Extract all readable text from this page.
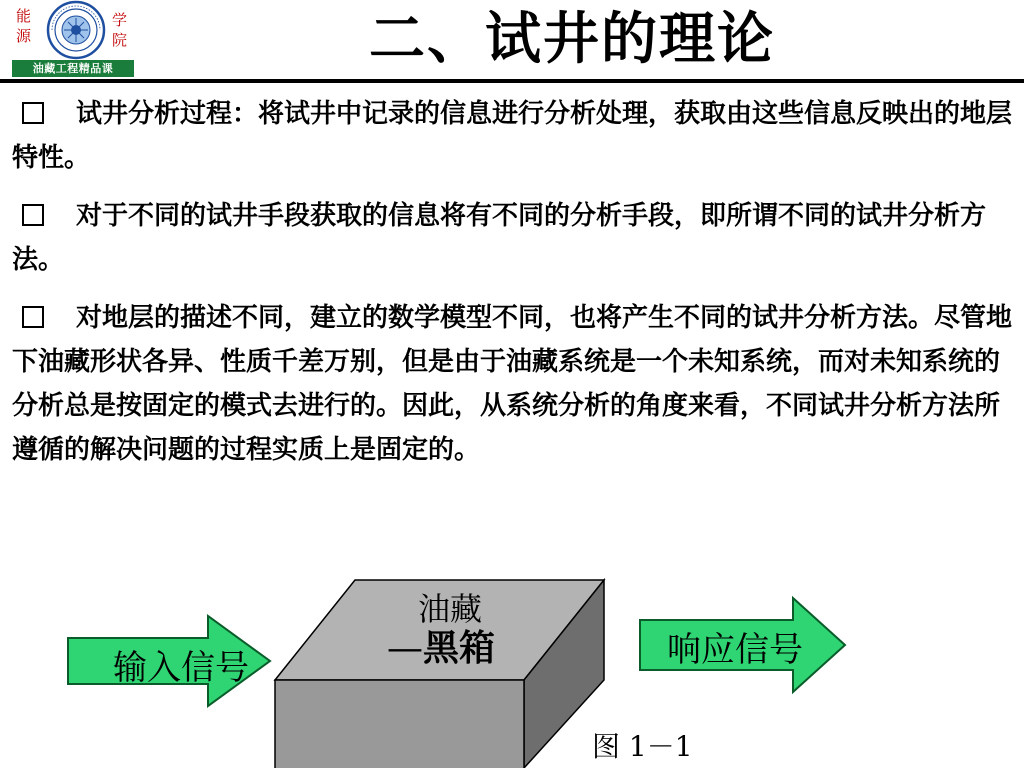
能
源
学
院
油藏工程精品课	二、试井的理论

试井分析过程：将试井中记录的信息进行分析处理，获取由这些信息反映出的地层特性。

对于不同的试井手段获取的信息将有不同的分析手段，即所谓不同的试井分析方法。

对地层的描述不同，建立的数学模型不同，也将产生不同的试井分析方法。尽管地下油藏形状各异、性质千差万别，但是由于油藏系统是一个未知系统，而对未知系统的分析总是按固定的模式去进行的。因此，从系统分析的角度来看，不同试井分析方法所遵循的解决问题的过程实质上是固定的。

输入信号
油藏
—黑箱	响应信号
图 1－1
